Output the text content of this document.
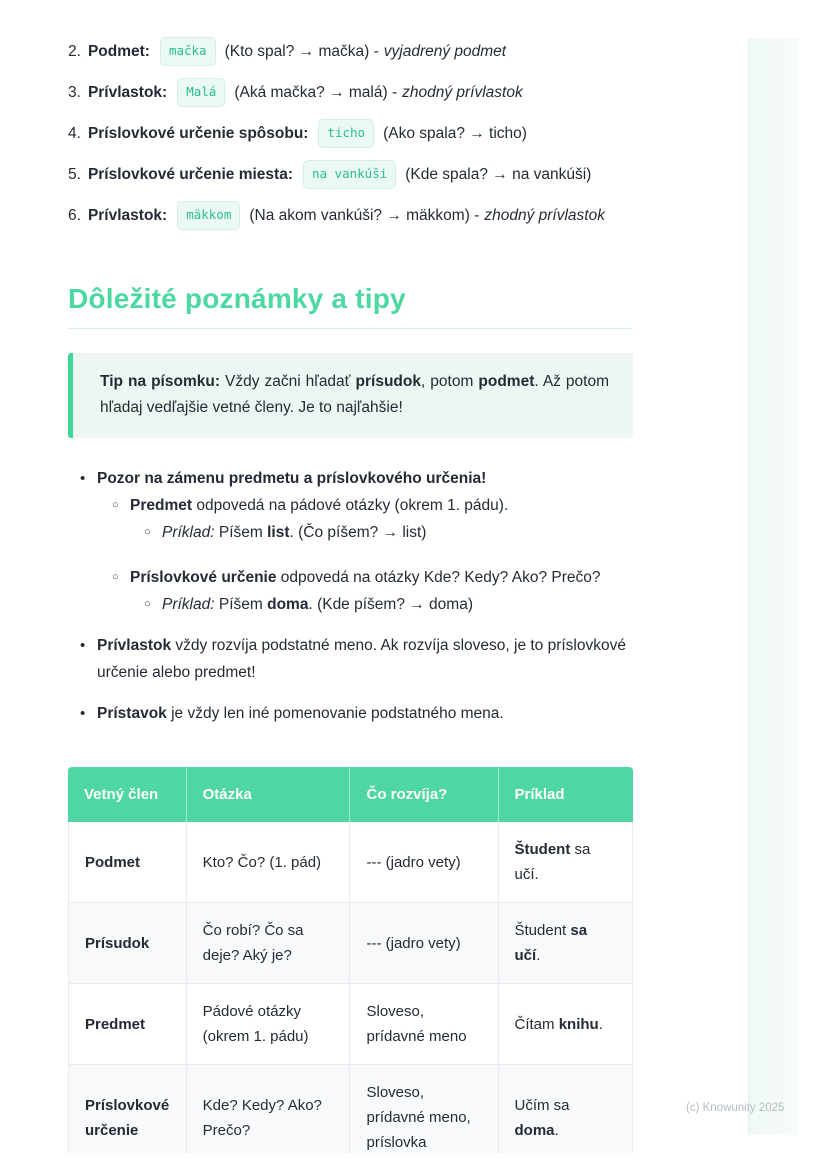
2. Podmet:	mačka	(Kto spal? → mačka) - vyjadrený podmet
3. Prívlastok:	Malá	(Aká mačka? → malá) - zhodný prívlastok
4. Príslovkové určenie spôsobu:	ticho	(Ako spala? → ticho)
5. Príslovkové určenie miesta:	na vankúši	(Kde spala? → na vankúši)
6. Prívlastok:	mäkkom	(Na akom vankúši? → mäkkom) - zhodný prívlastok
Dôležité poznámky a tipy
Tip na písomku: Vždy začni hľadať prísudok, potom podmet. Až potom hľadaj vedľajšie vetné členy. Je to najľahšie!
• Pozor na zámenu predmetu a príslovkového určenia!
○ Predmet odpovedá na pádové otázky (okrem 1. pádu).
○ Príklad: Píšem list. (Čo píšem? → list)
○ Príslovkové určenie odpovedá na otázky Kde? Kedy? Ako? Prečo?
○ Príklad: Píšem doma. (Kde píšem? → doma)
• Prívlastok vždy rozvíja podstatné meno. Ak rozvíja sloveso, je to príslovkové určenie alebo predmet!
• Prístavok je vždy len iné pomenovanie podstatného mena.
Vetný člen	Otázka	Čo rozvíja?	Príklad
Podmet	Kto? Čo? (1. pád)	--- (jadro vety)	Študent sa učí.
Prísudok	Čo robí? Čo sa deje? Aký je?	--- (jadro vety)	Študent sa učí.
Predmet	Pádové otázky (okrem 1. pádu)	Sloveso, prídavné meno	Čítam knihu.
Príslovkové určenie	Kde? Kedy? Ako? Prečo?	Sloveso, prídavné meno, príslovka	Učím sa doma.

(c) Knowunity 2025
